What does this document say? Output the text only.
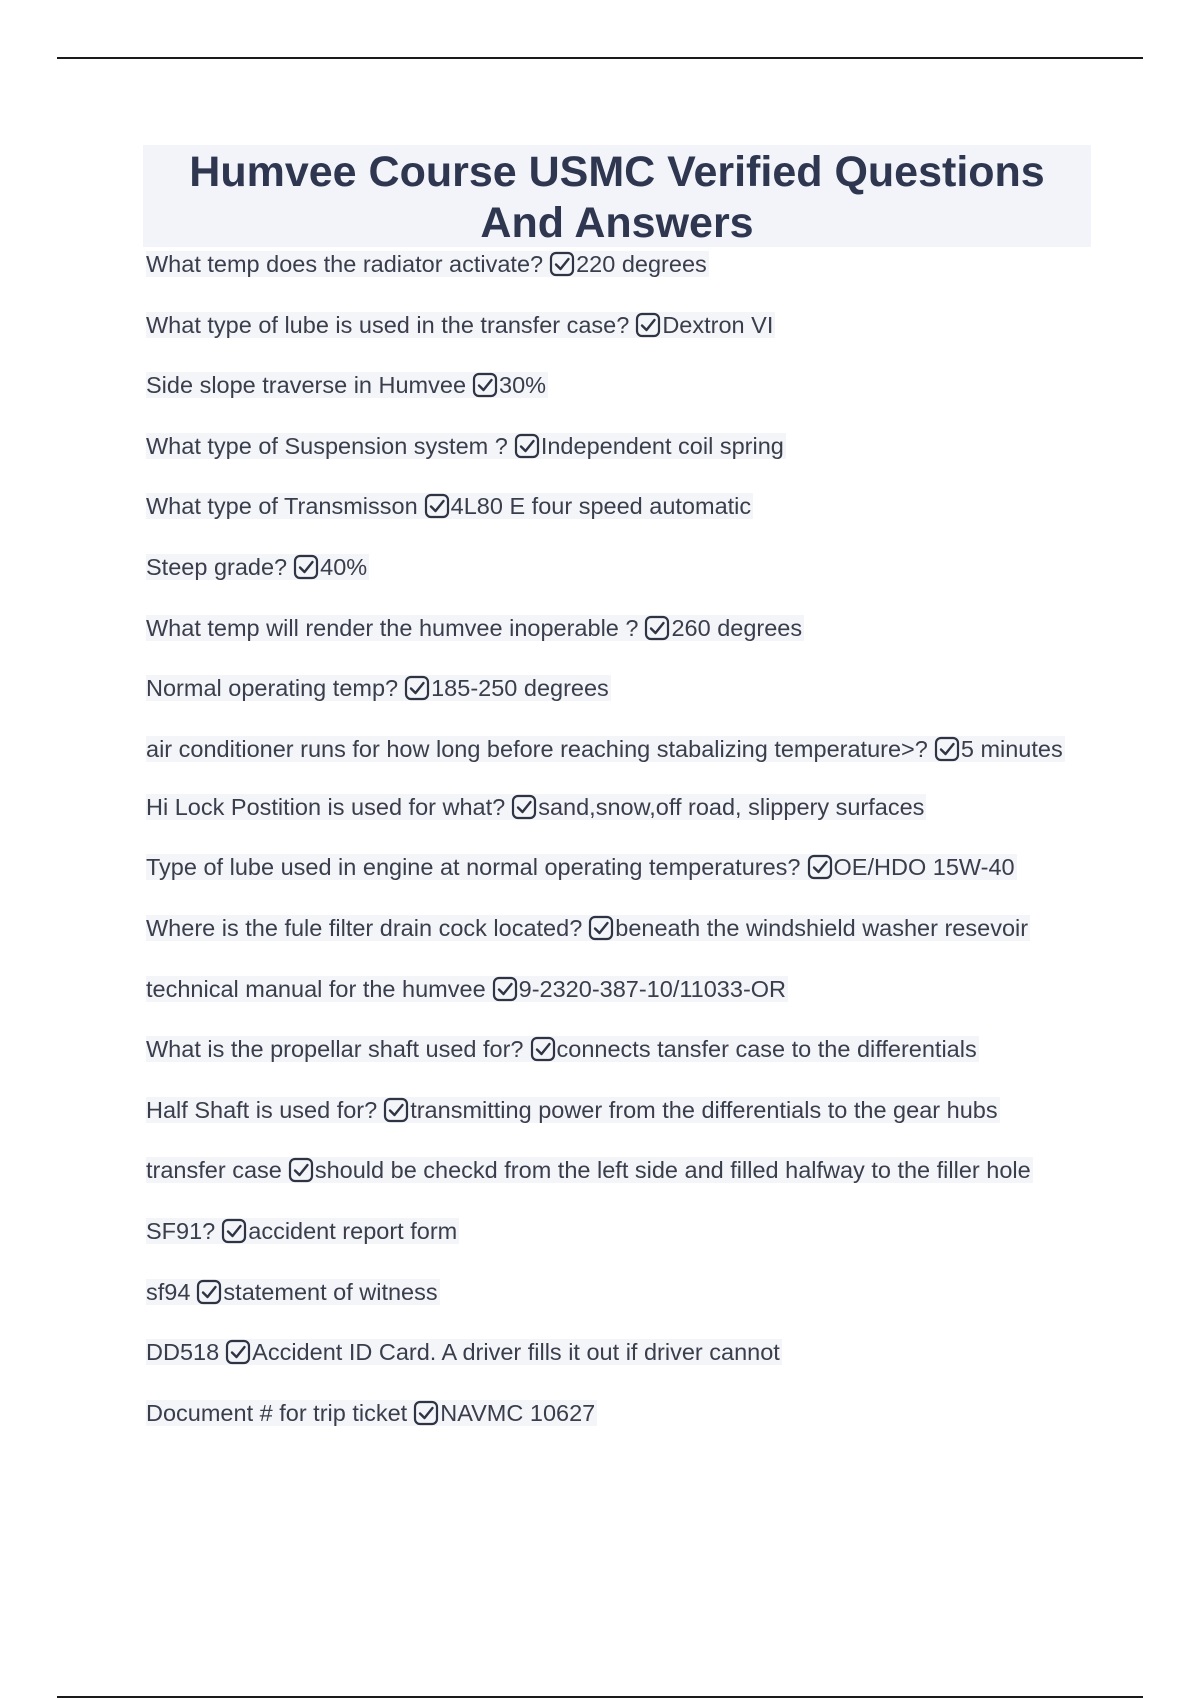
Humvee Course USMC Verified Questions And Answers
What temp does the radiator activate? 220 degrees
What type of lube is used in the transfer case? Dextron VI
Side slope traverse in Humvee 30%
What type of Suspension system ? Independent coil spring
What type of Transmisson 4L80 E four speed automatic
Steep grade? 40%
What temp will render the humvee inoperable ? 260 degrees
Normal operating temp? 185-250 degrees
air conditioner runs for how long before reaching stabalizing temperature>? 5 minutes
Hi Lock Postition is used for what? sand,snow,off road, slippery surfaces
Type of lube used in engine at normal operating temperatures? OE/HDO 15W-40
Where is the fule filter drain cock located? beneath the windshield washer resevoir
technical manual for the humvee 9-2320-387-10/11033-OR
What is the propellar shaft used for? connects tansfer case to the differentials
Half Shaft is used for? transmitting power from the differentials to the gear hubs
transfer case should be checkd from the left side and filled halfway to the filler hole
SF91? accident report form
sf94 statement of witness
DD518 Accident ID Card. A driver fills it out if driver cannot
Document # for trip ticket NAVMC 10627
